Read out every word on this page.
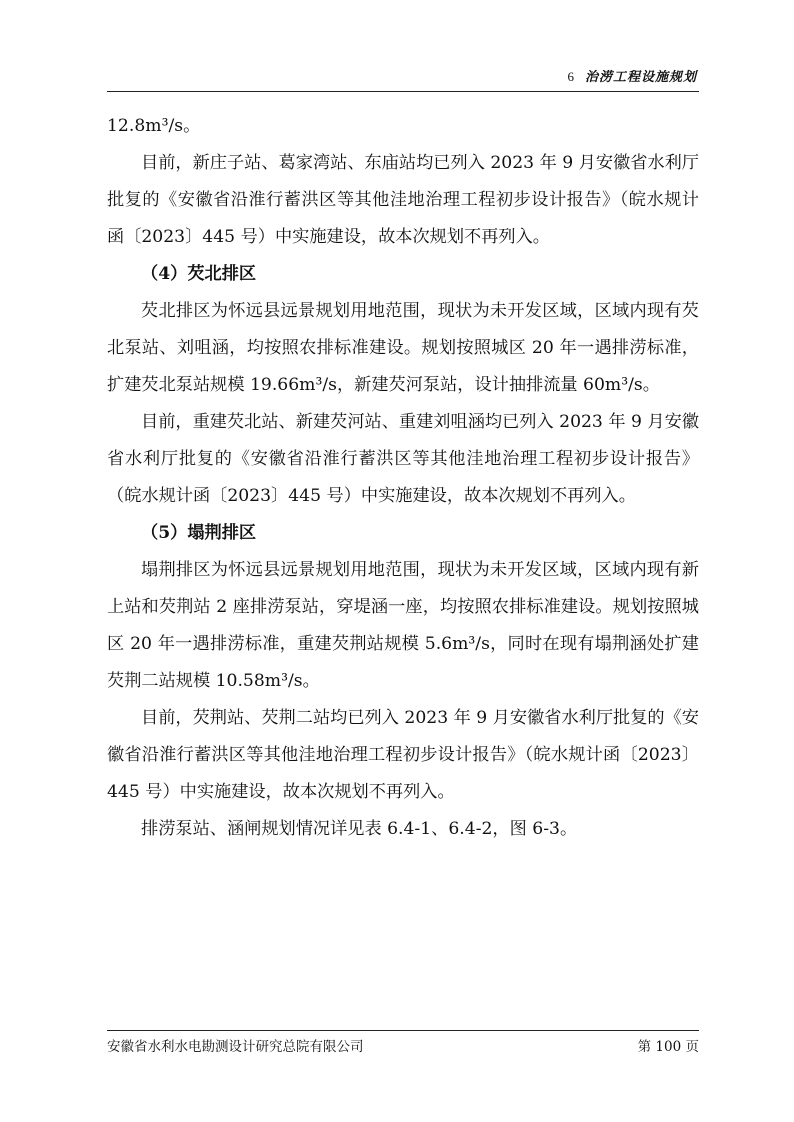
6 治涝工程设施规划

12.8m³/s。

目前，新庄子站、葛家湾站、东庙站均已列入 2023 年 9 月安徽省水利厅批复的《安徽省沿淮行蓄洪区等其他洼地治理工程初步设计报告》（皖水规计函〔2023〕445 号）中实施建设，故本次规划不再列入。

（4）芡北排区

芡北排区为怀远县远景规划用地范围，现状为未开发区域，区域内现有芡北泵站、刘咀涵，均按照农排标准建设。规划按照城区 20 年一遇排涝标准，扩建芡北泵站规模 19.66m³/s，新建芡河泵站，设计抽排流量 60m³/s。

目前，重建芡北站、新建芡河站、重建刘咀涵均已列入 2023 年 9 月安徽省水利厅批复的《安徽省沿淮行蓄洪区等其他洼地治理工程初步设计报告》（皖水规计函〔2023〕445 号）中实施建设，故本次规划不再列入。

（5）塌荆排区

塌荆排区为怀远县远景规划用地范围，现状为未开发区域，区域内现有新上站和芡荆站 2 座排涝泵站，穿堤涵一座，均按照农排标准建设。规划按照城区 20 年一遇排涝标准，重建芡荆站规模 5.6m³/s，同时在现有塌荆涵处扩建芡荆二站规模 10.58m³/s。

目前，芡荆站、芡荆二站均已列入 2023 年 9 月安徽省水利厅批复的《安徽省沿淮行蓄洪区等其他洼地治理工程初步设计报告》（皖水规计函〔2023〕445 号）中实施建设，故本次规划不再列入。

排涝泵站、涵闸规划情况详见表 6.4-1、6.4-2，图 6-3。

安徽省水利水电勘测设计研究总院有限公司	第 100 页
